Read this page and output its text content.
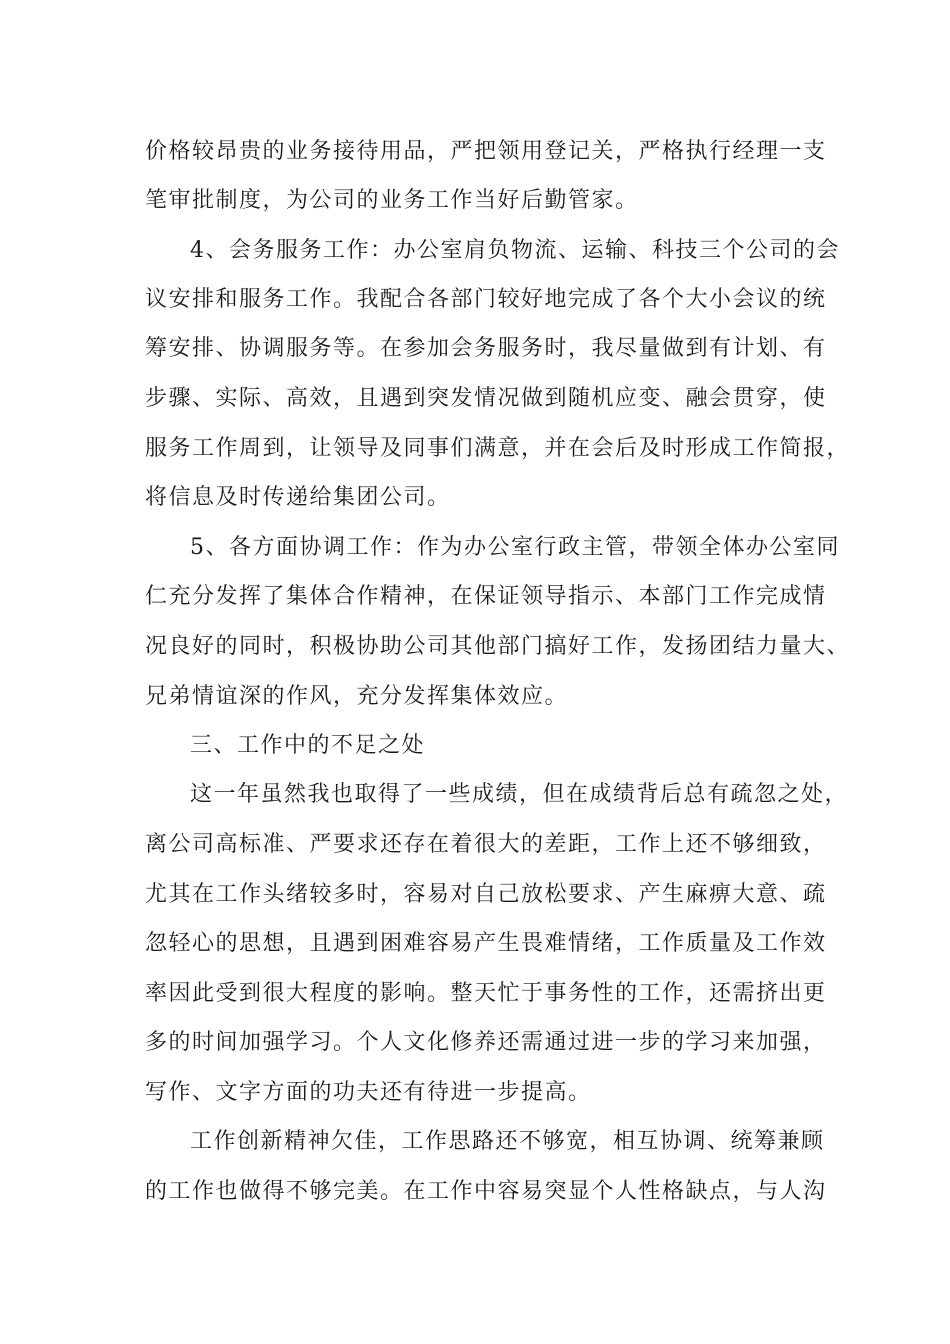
价格较昂贵的业务接待用品，严把领用登记关，严格执行经理一支
笔审批制度，为公司的业务工作当好后勤管家。
4、会务服务工作：办公室肩负物流、运输、科技三个公司的会
议安排和服务工作。我配合各部门较好地完成了各个大小会议的统
筹安排、协调服务等。在参加会务服务时，我尽量做到有计划、有
步骤、实际、高效，且遇到突发情况做到随机应变、融会贯穿，使
服务工作周到，让领导及同事们满意，并在会后及时形成工作简报，
将信息及时传递给集团公司。
5、各方面协调工作：作为办公室行政主管，带领全体办公室同
仁充分发挥了集体合作精神，在保证领导指示、本部门工作完成情
况良好的同时，积极协助公司其他部门搞好工作，发扬团结力量大、
兄弟情谊深的作风，充分发挥集体效应。
三、工作中的不足之处
这一年虽然我也取得了一些成绩，但在成绩背后总有疏忽之处，
离公司高标准、严要求还存在着很大的差距，工作上还不够细致，
尤其在工作头绪较多时，容易对自己放松要求、产生麻痹大意、疏
忽轻心的思想，且遇到困难容易产生畏难情绪，工作质量及工作效
率因此受到很大程度的影响。整天忙于事务性的工作，还需挤出更
多的时间加强学习。个人文化修养还需通过进一步的学习来加强，
写作、文字方面的功夫还有待进一步提高。
工作创新精神欠佳，工作思路还不够宽，相互协调、统筹兼顾
的工作也做得不够完美。在工作中容易突显个人性格缺点，与人沟
